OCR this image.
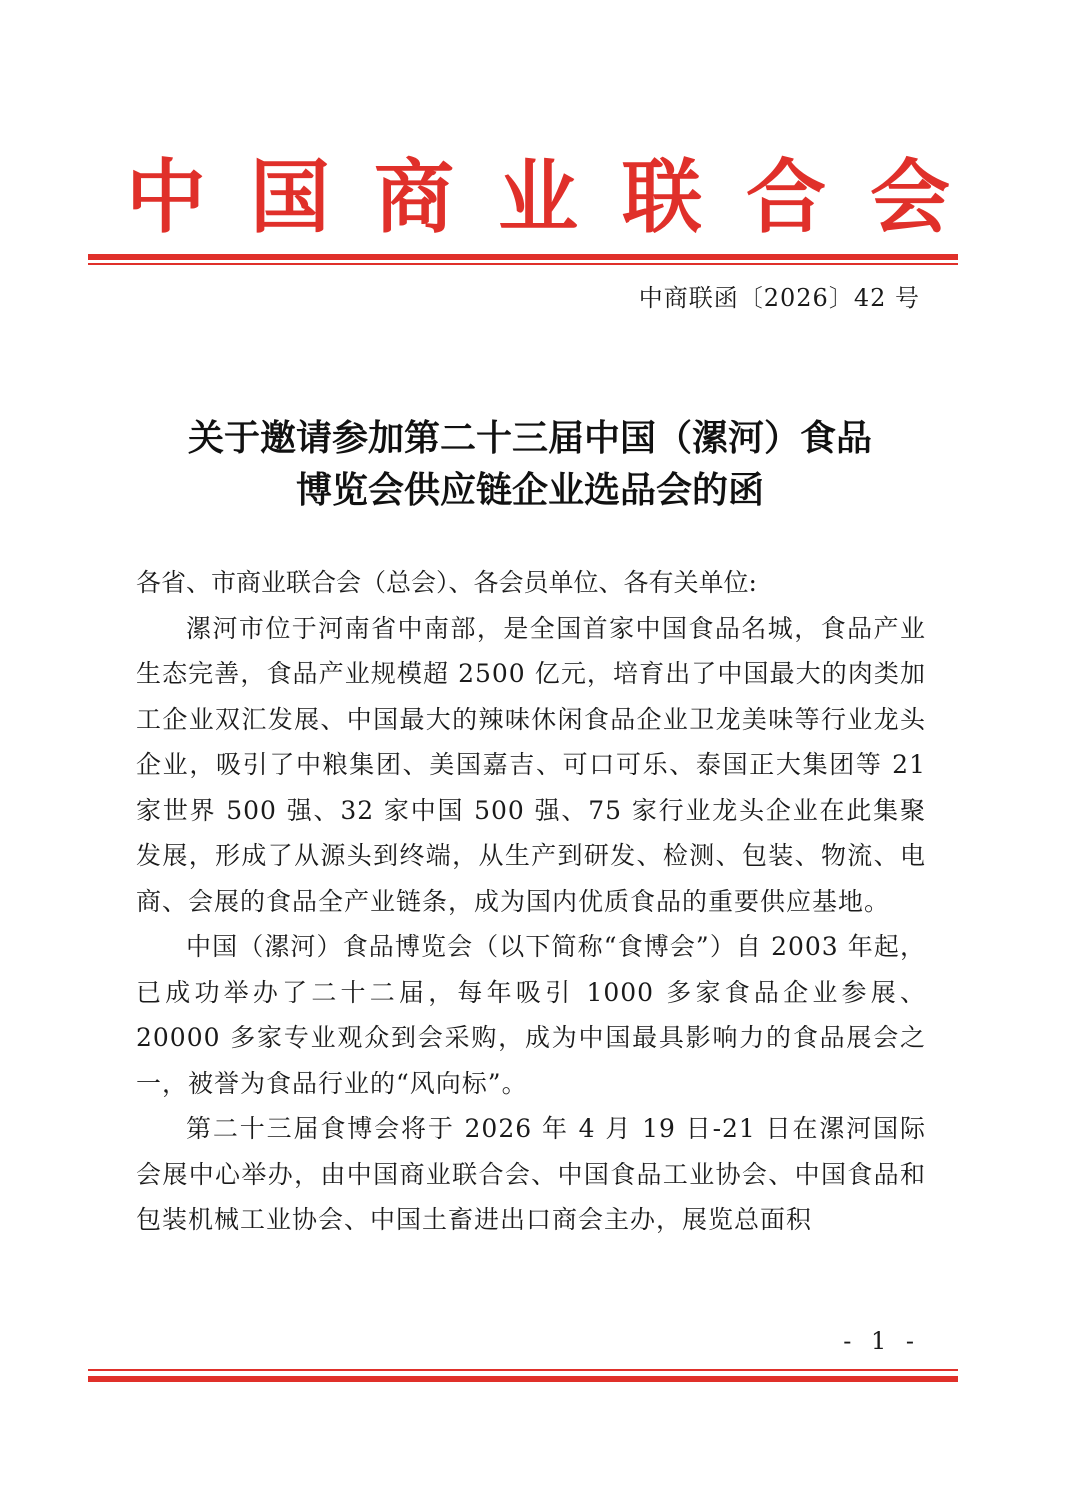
中国商业联合会
中商联函〔2026〕42 号
关于邀请参加第二十三届中国（漯河）食品
博览会供应链企业选品会的函

各省、市商业联合会（总会）、各会员单位、各有关单位:

漯河市位于河南省中南部，是全国首家中国食品名城，食品产业生态完善，食品产业规模超 2500 亿元，培育出了中国最大的肉类加工企业双汇发展、中国最大的辣味休闲食品企业卫龙美味等行业龙头企业，吸引了中粮集团、美国嘉吉、可口可乐、泰国正大集团等 21 家世界 500 强、32 家中国 500 强、75 家行业龙头企业在此集聚发展，形成了从源头到终端，从生产到研发、检测、包装、物流、电商、会展的食品全产业链条，成为国内优质食品的重要供应基地。

中国（漯河）食品博览会（以下简称“食博会”）自 2003 年起，已成功举办了二十二届，每年吸引 1000 多家食品企业参展、20000 多家专业观众到会采购，成为中国最具影响力的食品展会之一，被誉为食品行业的“风向标”。

第二十三届食博会将于 2026 年 4 月 19 日-21 日在漯河国际会展中心举办，由中国商业联合会、中国食品工业协会、中国食品和包装机械工业协会、中国土畜进出口商会主办，展览总面积

- 1 -
